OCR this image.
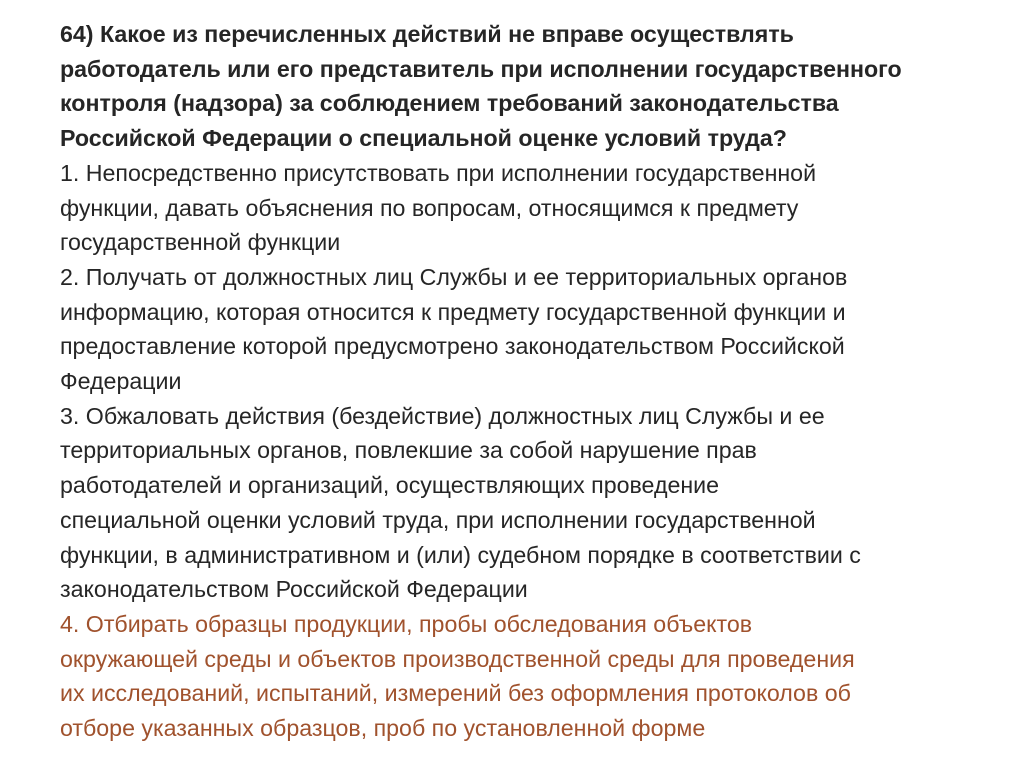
64) Какое из перечисленных действий не вправе осуществлять
работодатель или его представитель при исполнении государственного
контроля (надзора) за соблюдением требований законодательства
Российской Федерации о специальной оценке условий труда?

1. Непосредственно присутствовать при исполнении государственной
функции, давать объяснения по вопросам, относящимся к предмету
государственной функции

2. Получать от должностных лиц Службы и ее территориальных органов
информацию, которая относится к предмету государственной функции и
предоставление которой предусмотрено законодательством Российской
Федерации

3. Обжаловать действия (бездействие) должностных лиц Службы и ее
территориальных органов, повлекшие за собой нарушение прав
работодателей и организаций, осуществляющих проведение
специальной оценки условий труда, при исполнении государственной
функции, в административном и (или) судебном порядке в соответствии с
законодательством Российской Федерации

4. Отбирать образцы продукции, пробы обследования объектов
окружающей среды и объектов производственной среды для проведения
их исследований, испытаний, измерений без оформления протоколов об
отборе указанных образцов, проб по установленной форме
